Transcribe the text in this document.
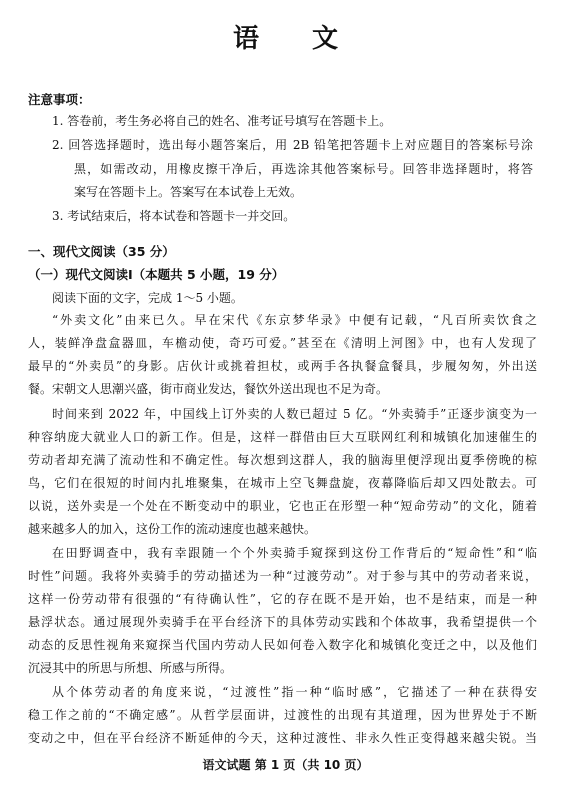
语 文
注意事项：
1. 答卷前，考生务必将自己的姓名、准考证号填写在答题卡上。
2. 回答选择题时，选出每小题答案后，用 2B 铅笔把答题卡上对应题目的答案标号涂
黑，如需改动，用橡皮擦干净后，再选涂其他答案标号。回答非选择题时，将答
案写在答题卡上。答案写在本试卷上无效。
3. 考试结束后，将本试卷和答题卡一并交回。
一、现代文阅读（35 分）
（一）现代文阅读I（本题共 5 小题，19 分）
阅读下面的文字，完成 1～5 小题。
“外卖文化”由来已久。早在宋代《东京梦华录》中便有记载，“凡百所卖饮食之
人，装鲜净盘盒器皿，车檐动使，奇巧可爱。”甚至在《清明上河图》中，也有人发现了
最早的“外卖员”的身影。店伙计或挑着担杖，或两手各执餐盒餐具，步履匆匆，外出送
餐。宋朝文人思潮兴盛，街市商业发达，餐饮外送出现也不足为奇。
时间来到 2022 年，中国线上订外卖的人数已超过 5 亿。“外卖骑手”正逐步演变为一
种容纳庞大就业人口的新工作。但是，这样一群借由巨大互联网红利和城镇化加速催生的
劳动者却充满了流动性和不确定性。每次想到这群人，我的脑海里便浮现出夏季傍晚的椋
鸟，它们在很短的时间内扎堆聚集，在城市上空飞舞盘旋，夜幕降临后却又四处散去。可
以说，送外卖是一个处在不断变动中的职业，它也正在形塑一种“短命劳动”的文化，随着
越来越多人的加入，这份工作的流动速度也越来越快。
在田野调查中，我有幸跟随一个个外卖骑手窥探到这份工作背后的“短命性”和“临
时性”问题。我将外卖骑手的劳动描述为一种“过渡劳动”。对于参与其中的劳动者来说，
这样一份劳动带有很强的“有待确认性”，它的存在既不是开始，也不是结束，而是一种
悬浮状态。通过展现外卖骑手在平台经济下的具体劳动实践和个体故事，我希望提供一个
动态的反思性视角来窥探当代国内劳动人民如何卷入数字化和城镇化变迁之中，以及他们
沉浸其中的所思与所想、所感与所得。
从个体劳动者的角度来说，“过渡性”指一种“临时感”，它描述了一种在获得安
稳工作之前的“不确定感”。从哲学层面讲，过渡性的出现有其道理，因为世界处于不断
变动之中，但在平台经济不断延伸的今天，这种过渡性、非永久性正变得越来越尖锐。当
语文试题 第 1 页（共 10 页）
